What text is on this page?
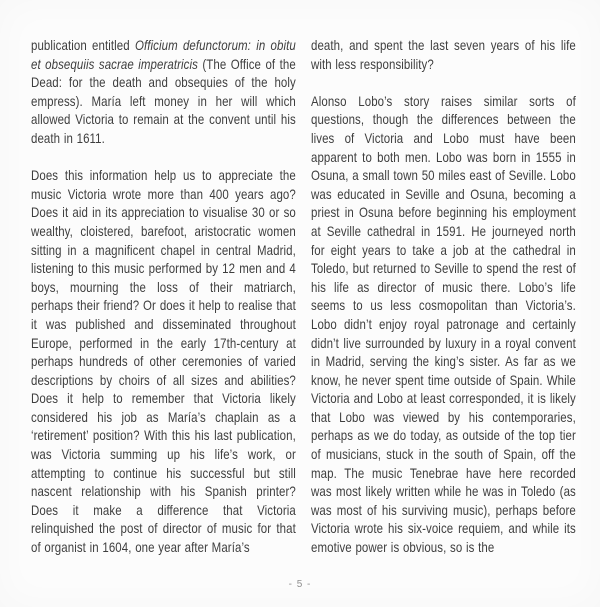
publication entitled Officium defunctorum: in obitu et obsequiis sacrae imperatricis (The Office of the Dead: for the death and obsequies of the holy empress). María left money in her will which allowed Victoria to remain at the convent until his death in 1611.

Does this information help us to appreciate the music Victoria wrote more than 400 years ago? Does it aid in its appreciation to visualise 30 or so wealthy, cloistered, barefoot, aristocratic women sitting in a magnificent chapel in central Madrid, listening to this music performed by 12 men and 4 boys, mourning the loss of their matriarch, perhaps their friend? Or does it help to realise that it was published and disseminated throughout Europe, performed in the early 17th-century at perhaps hundreds of other ceremonies of varied descriptions by choirs of all sizes and abilities? Does it help to remember that Victoria likely considered his job as María’s chaplain as a ‘retirement’ position? With this his last publication, was Victoria summing up his life’s work, or attempting to continue his successful but still nascent relationship with his Spanish printer? Does it make a difference that Victoria relinquished the post of director of music for that of organist in 1604, one year after María’s

death, and spent the last seven years of his life with less responsibility?

Alonso Lobo’s story raises similar sorts of questions, though the differences between the lives of Victoria and Lobo must have been apparent to both men. Lobo was born in 1555 in Osuna, a small town 50 miles east of Seville. Lobo was educated in Seville and Osuna, becoming a priest in Osuna before beginning his employment at Seville cathedral in 1591. He journeyed north for eight years to take a job at the cathedral in Toledo, but returned to Seville to spend the rest of his life as director of music there. Lobo’s life seems to us less cosmopolitan than Victoria’s. Lobo didn’t enjoy royal patronage and certainly didn’t live surrounded by luxury in a royal convent in Madrid, serving the king’s sister. As far as we know, he never spent time outside of Spain. While Victoria and Lobo at least corresponded, it is likely that Lobo was viewed by his contemporaries, perhaps as we do today, as outside of the top tier of musicians, stuck in the south of Spain, off the map. The music Tenebrae have here recorded was most likely written while he was in Toledo (as was most of his surviving music), perhaps before Victoria wrote his six-voice requiem, and while its emotive power is obvious, so is the

- 5 -
